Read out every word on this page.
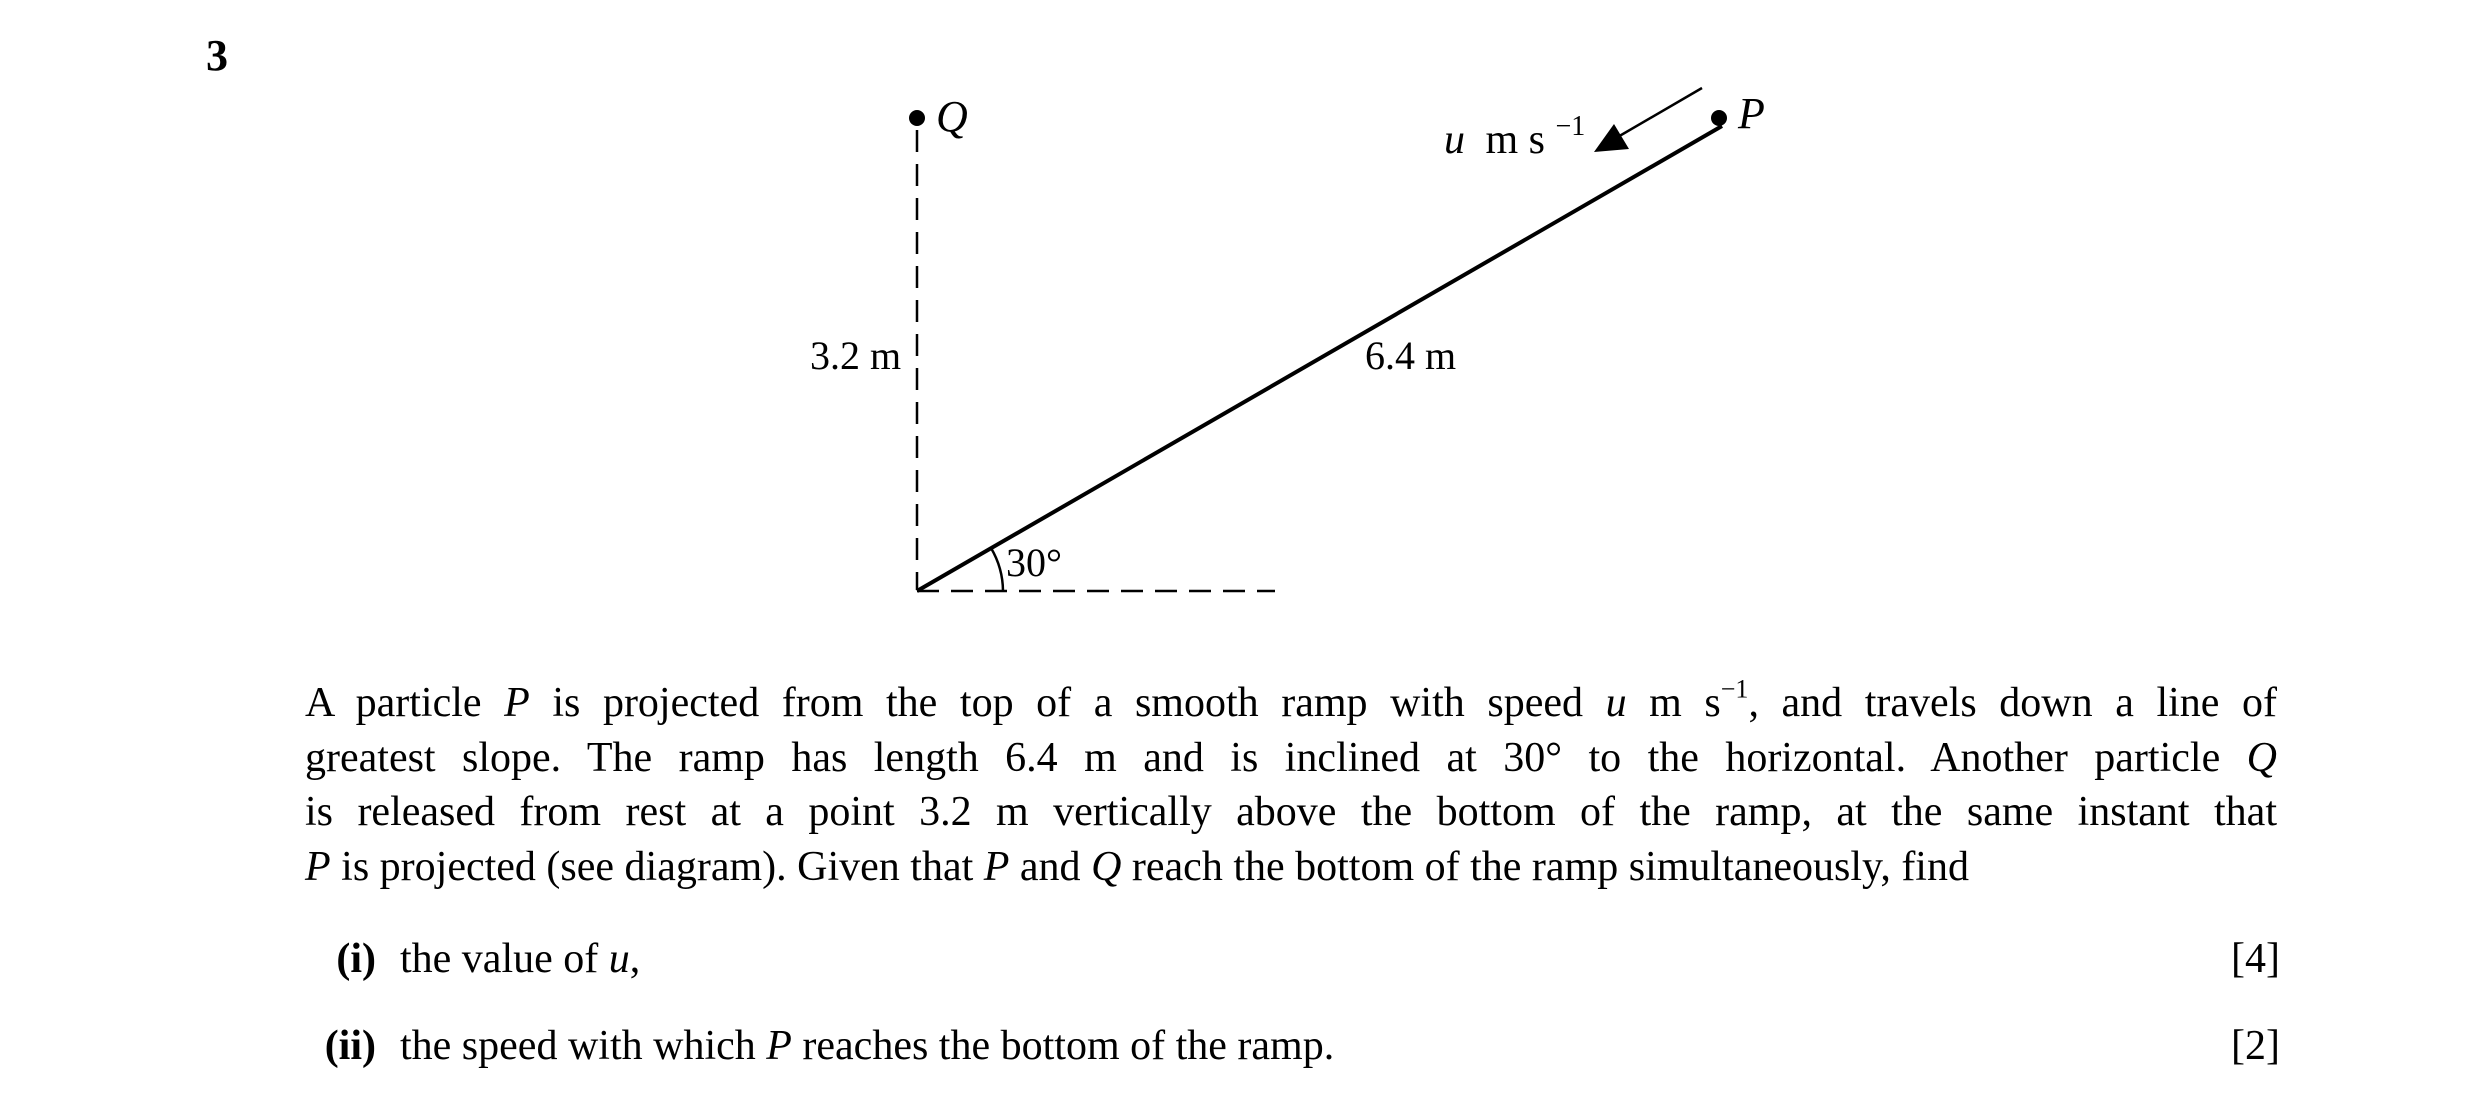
3
Q	P
u m s $^{-1}$
3.2 m	6.4 m
30°
A particle P is projected from the top of a smooth ramp with speed u m $s^{-1}$, and travels down a line of
greatest slope. The ramp has length 6.4 m and is inclined at 30° to the horizontal. Another particle Q
is released from rest at a point 3.2 m vertically above the bottom of the ramp, at the same instant that
P is projected (see diagram). Given that P and Q reach the bottom of the ramp simultaneously, find
(i) the value of u,	[4]
(ii) the speed with which P reaches the bottom of the ramp.	[2]
